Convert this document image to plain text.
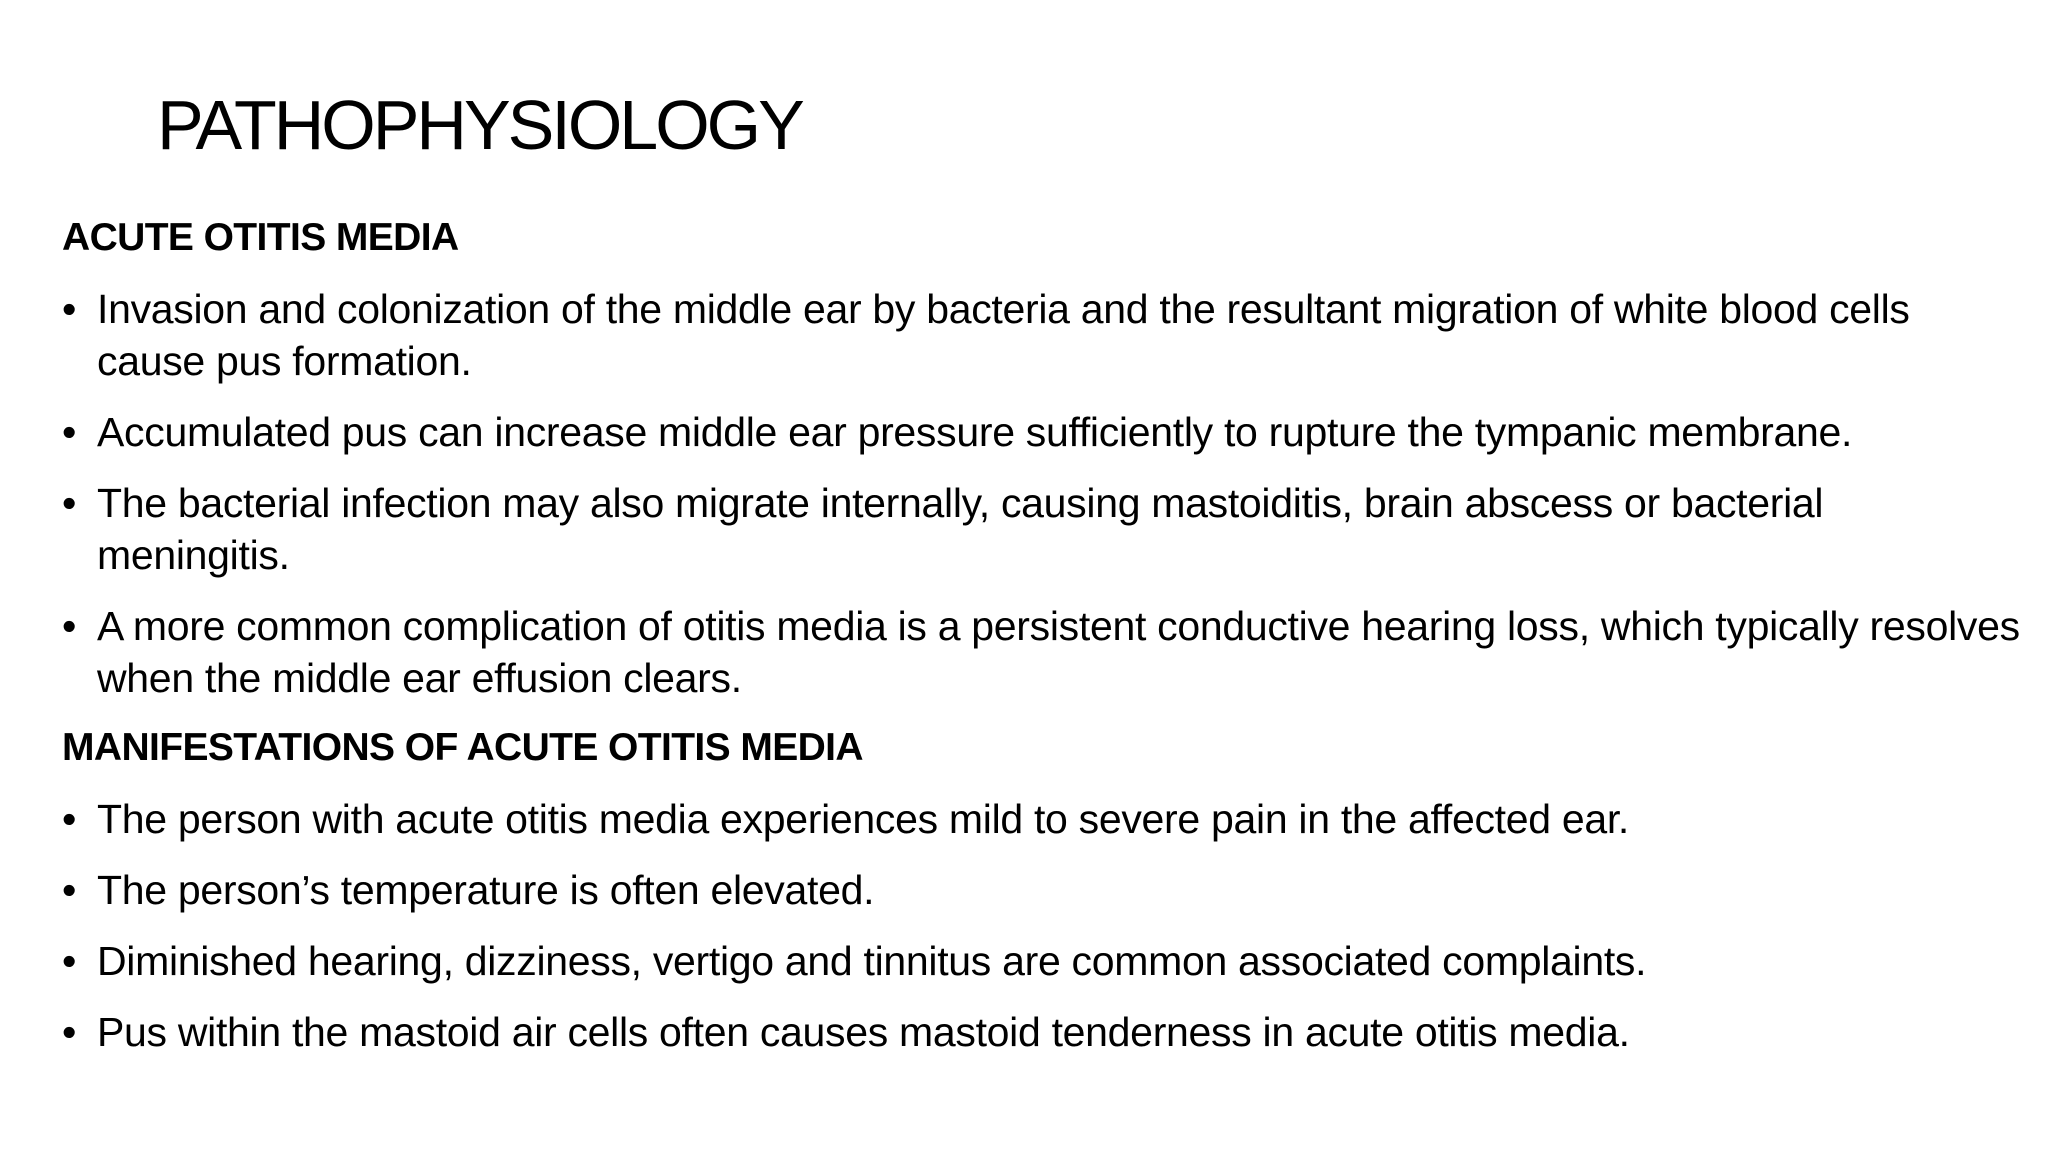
PATHOPHYSIOLOGY
ACUTE OTITIS MEDIA
• Invasion and colonization of the middle ear by bacteria and the resultant migration of white blood cells cause pus formation.
• Accumulated pus can increase middle ear pressure sufficiently to rupture the tympanic membrane.
• The bacterial infection may also migrate internally, causing mastoiditis, brain abscess or bacterial meningitis.
• A more common complication of otitis media is a persistent conductive hearing loss, which typically resolves when the middle ear effusion clears.
MANIFESTATIONS OF ACUTE OTITIS MEDIA
• The person with acute otitis media experiences mild to severe pain in the affected ear.
• The person’s temperature is often elevated.
• Diminished hearing, dizziness, vertigo and tinnitus are common associated complaints.
• Pus within the mastoid air cells often causes mastoid tenderness in acute otitis media.
